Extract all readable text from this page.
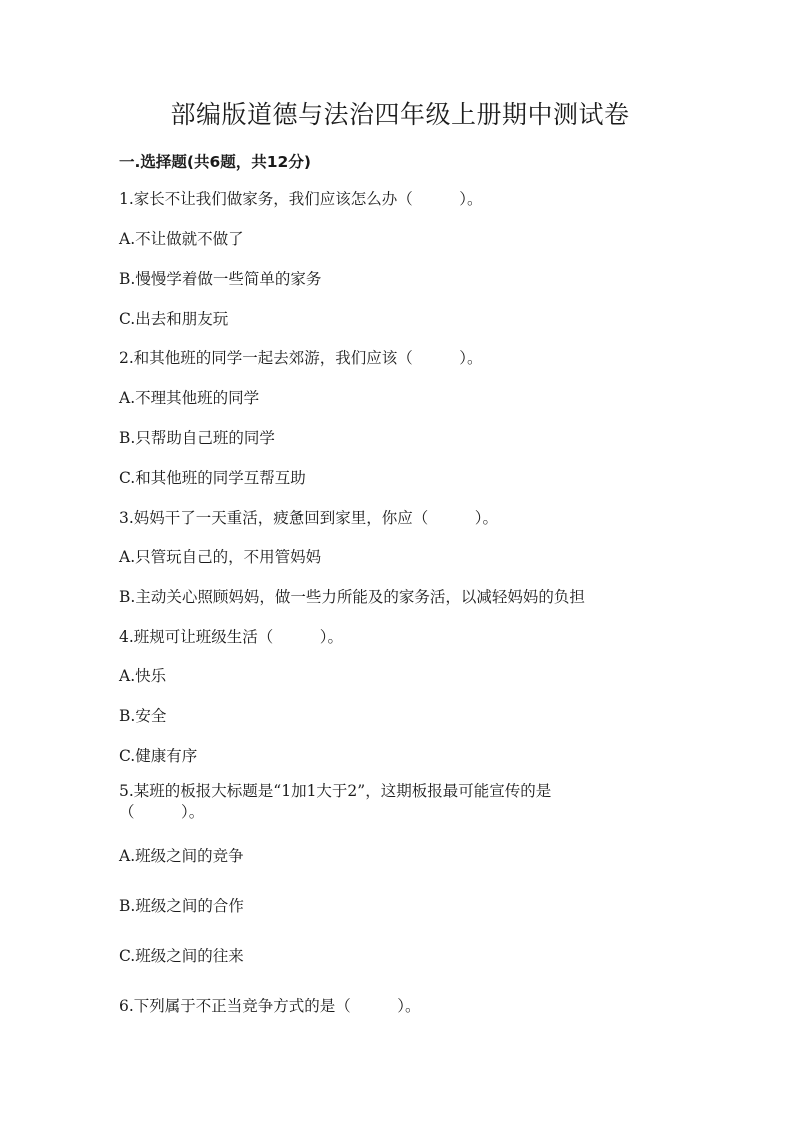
部编版道德与法治四年级上册期中测试卷
一.选择题(共6题，共12分)
1.家长不让我们做家务，我们应该怎么办（　　　）。
A.不让做就不做了
B.慢慢学着做一些简单的家务
C.出去和朋友玩
2.和其他班的同学一起去郊游，我们应该（　　　）。
A.不理其他班的同学
B.只帮助自己班的同学
C.和其他班的同学互帮互助
3.妈妈干了一天重活，疲惫回到家里，你应（　　　）。
A.只管玩自己的，不用管妈妈
B.主动关心照顾妈妈，做一些力所能及的家务活，以减轻妈妈的负担
4.班规可让班级生活（　　　）。
A.快乐
B.安全
C.健康有序
5.某班的板报大标题是“1加1大于2”，这期板报最可能宣传的是（　　　）。
A.班级之间的竞争
B.班级之间的合作
C.班级之间的往来
6.下列属于不正当竞争方式的是（　　　）。
